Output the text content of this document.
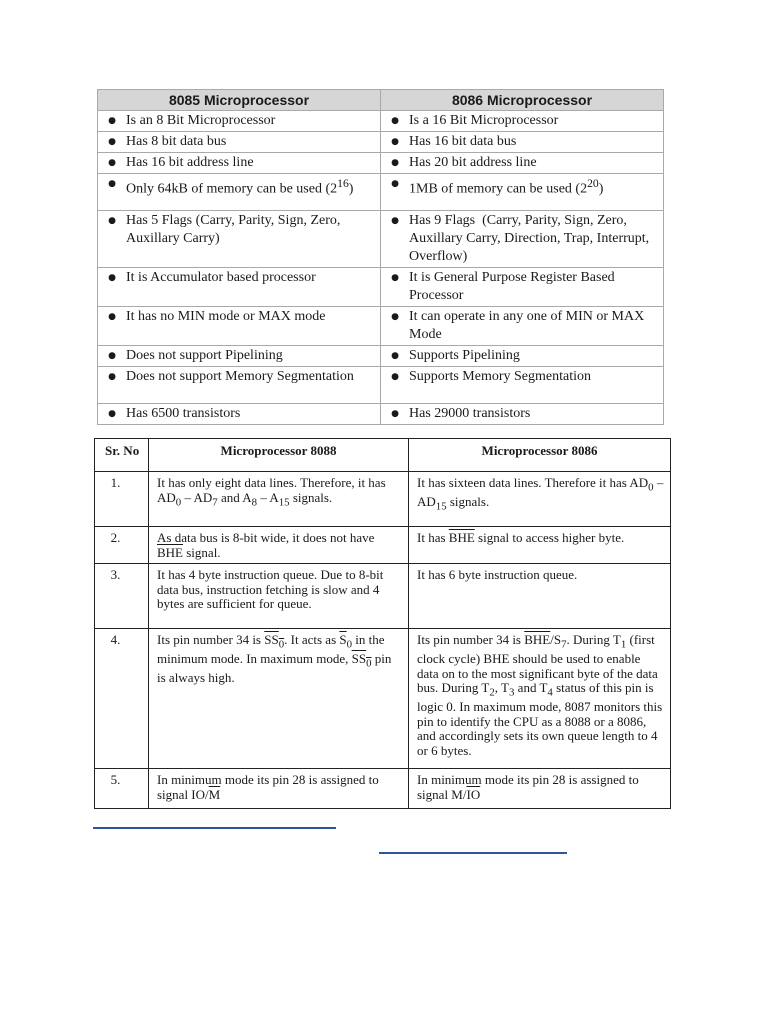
8085 Microprocessor	8086 Microprocessor

● Is an 8 Bit Microprocessor	● Is a 16 Bit Microprocessor

● Has 8 bit data bus	● Has 16 bit data bus

● Has 16 bit address line	● Has 20 bit address line

● Only 64kB of memory can be used $(2^{16})$	● 1MB of memory can be used $(2^{20})$

● Has 5 Flags (Carry, Parity, Sign, Zero, Auxillary Carry)	● Has 9 Flags  (Carry, Parity, Sign, Zero, Auxillary Carry, Direction, Trap, Interrupt, Overflow)

● It is Accumulator based processor	● It is General Purpose Register Based Processor

● It has no MIN mode or MAX mode	● It can operate in any one of MIN or MAX Mode

● Does not support Pipelining	● Supports Pipelining

● Does not support Memory Segmentation	● Supports Memory Segmentation

● Has 6500 transistors	● Has 29000 transistors
Sr. No	Microprocessor 8088	Microprocessor 8086
1.	It has only eight data lines. Therefore, it has $AD_0 - AD_7$ and $A_8 - A_{15}$ signals.	It has sixteen data lines. Therefore it has $AD_0 - AD_{15}$ signals.
2.	As data bus is 8-bit wide, it does not have $\overline{BHE}$ signal.	It has $\overline{BHE}$ signal to access higher byte.
3.	It has 4 byte instruction queue. Due to 8-bit data bus, instruction fetching is slow and 4 bytes are sufficient for queue.	It has 6 byte instruction queue.
4.	Its pin number 34 is $SS_0$. It acts as $\overline{S}_0$ in the minimum mode. In maximum mode, $SS_0$ pin is always high.	Its pin number 34 is $\overline{BHE}/S_7$. During $T_1$ (first clock cycle) BHE should be used to enable data on to the most significant byte of the data bus. During $T_2$, $T_3$ and $T_4$ status of this pin is logic 0. In maximum mode, 8087 monitors this pin to identify the CPU as a 8088 or a 8086, and accordingly sets its own queue length to 4 or 6 bytes.
5.	In minimum mode its pin 28 is assigned to signal $IO/\overline{M}$	In minimum mode its pin 28 is assigned to signal $M/\overline{IO}$
